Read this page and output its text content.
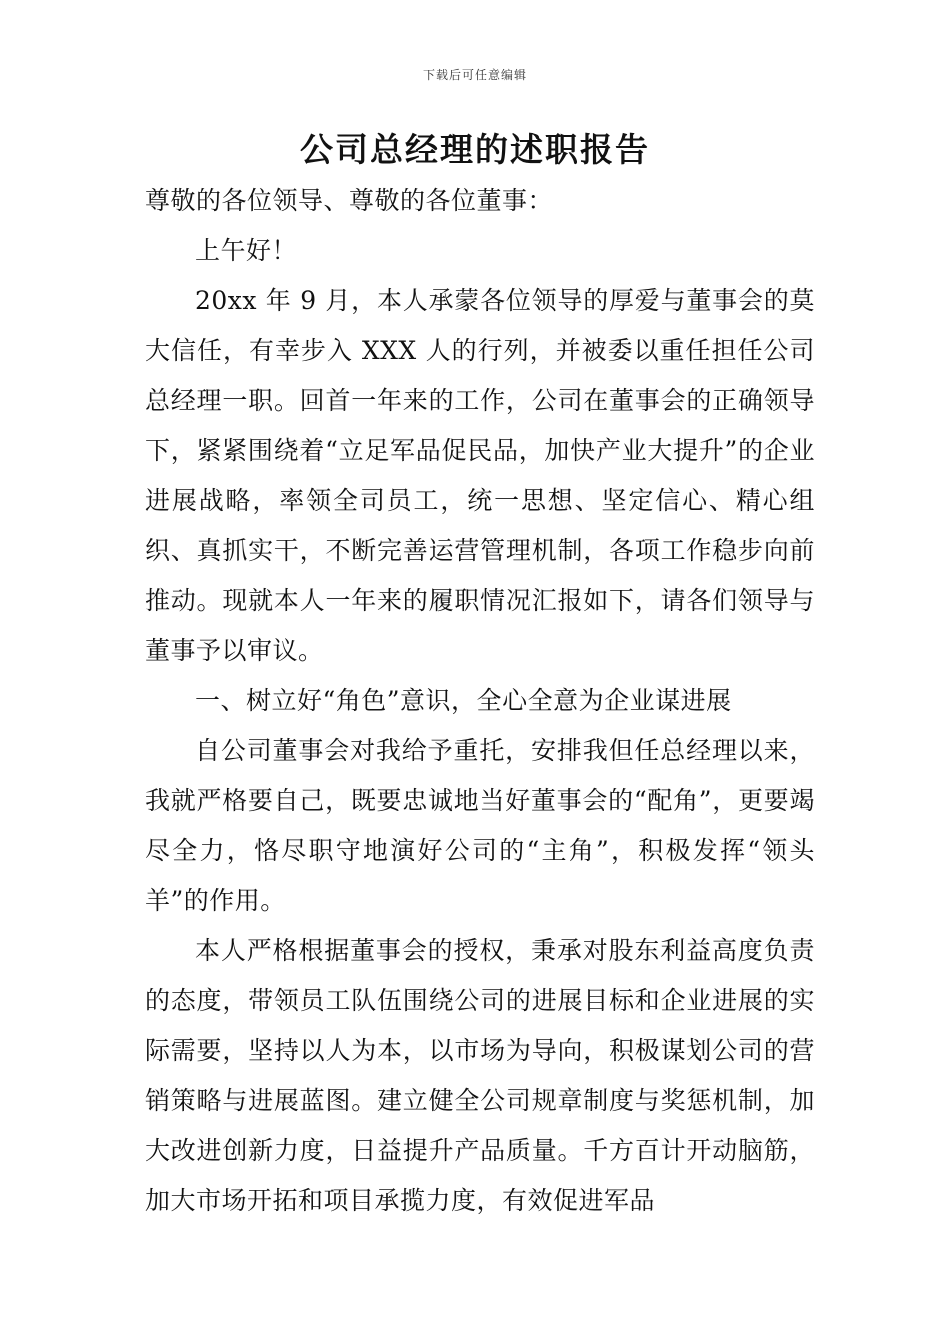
下载后可任意编辑
公司总经理的述职报告

尊敬的各位领导、尊敬的各位董事：

上午好！

20xx 年 9 月，本人承蒙各位领导的厚爱与董事会的莫大信任，有幸步入 XXX 人的行列，并被委以重任担任公司总经理一职。回首一年来的工作，公司在董事会的正确领导下，紧紧围绕着“立足军品促民品，加快产业大提升”的企业进展战略，率领全司员工，统一思想、坚定信心、精心组织、真抓实干，不断完善运营管理机制，各项工作稳步向前推动。现就本人一年来的履职情况汇报如下，请各们领导与董事予以审议。

一、树立好“角色”意识，全心全意为企业谋进展

自公司董事会对我给予重托，安排我但任总经理以来，我就严格要自己，既要忠诚地当好董事会的“配角”，更要竭尽全力，恪尽职守地演好公司的“主角”，积极发挥“领头羊”的作用。

本人严格根据董事会的授权，秉承对股东利益高度负责的态度，带领员工队伍围绕公司的进展目标和企业进展的实际需要，坚持以人为本，以市场为导向，积极谋划公司的营销策略与进展蓝图。建立健全公司规章制度与奖惩机制，加大改进创新力度，日益提升产品质量。千方百计开动脑筋，加大市场开拓和项目承揽力度，有效促进军品
